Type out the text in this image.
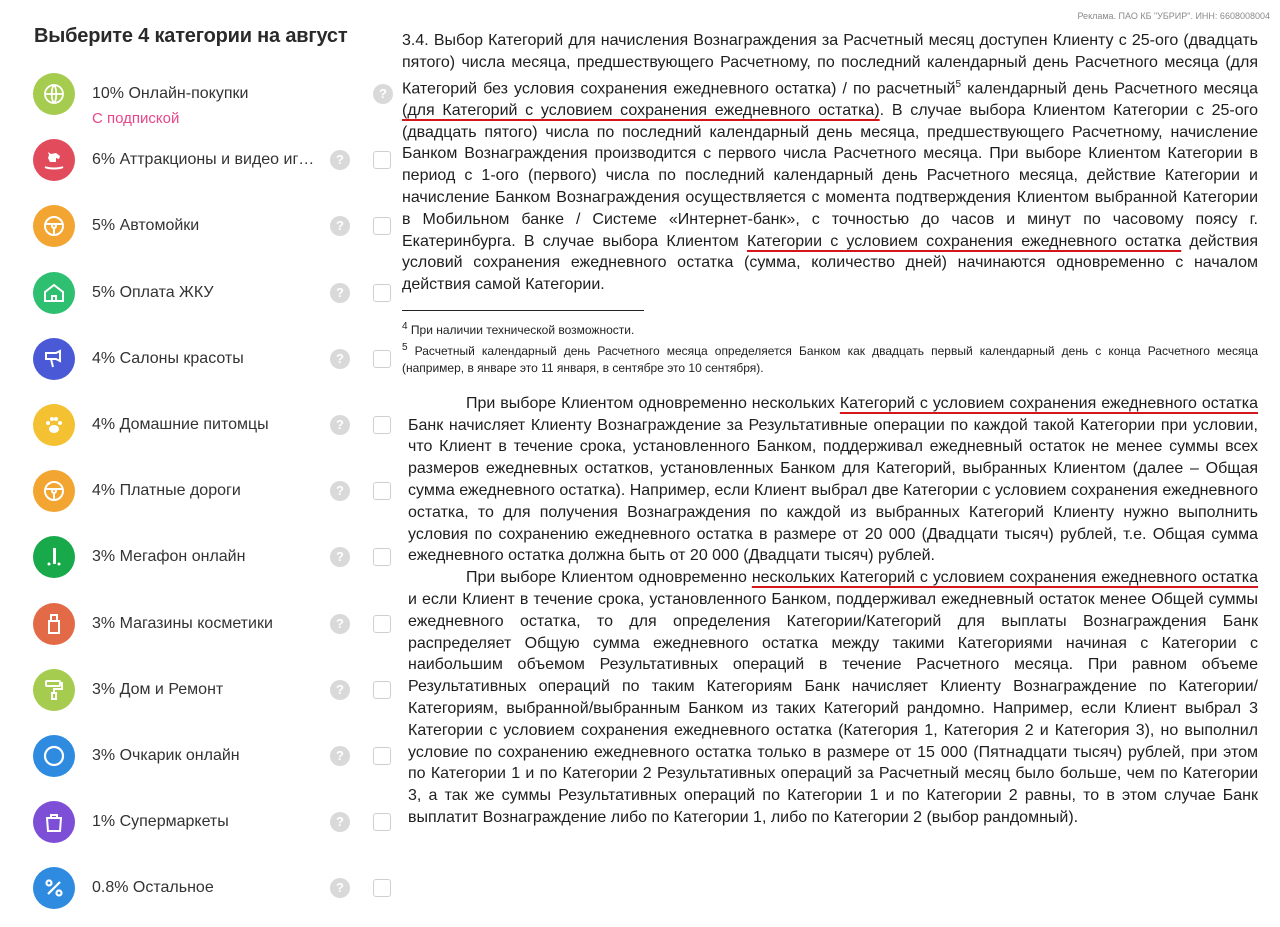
Реклама. ПАО КБ "УБРИР". ИНН: 6608008004
Выберите 4 категории на август
10% Онлайн-покупки
С подпиской
?
6% Аттракционы и видео иг…	?
5% Автомойки	?
5% Оплата ЖКУ	?
4% Салоны красоты	?
4% Домашние питомцы	?
4% Платные дороги	?
3% Мегафон онлайн	?
3% Магазины косметики	?
3% Дом и Ремонт	?
3% Очкарик онлайн	?
1% Супермаркеты	?
0.8% Остальное	?

3.4. Выбор Категорий для начисления Вознаграждения за Расчетный месяц доступен Клиенту с 25-ого (двадцать пятого) числа месяца, предшествующего Расчетному, по последний календарный день Расчетного месяца (для Категорий без условия сохранения ежедневного остатка) / по расчетный$^5$ календарный день Расчетного месяца (для Категорий с условием сохранения ежедневного остатка). В случае выбора Клиентом Категории с 25-ого (двадцать пятого) числа по последний календарный день месяца, предшествующего Расчетному, начисление Банком Вознаграждения производится с первого числа Расчетного месяца. При выборе Клиентом Категории в период с 1-ого (первого) числа по последний календарный день Расчетного месяца, действие Категории и начисление Банком Вознаграждения осуществляется с момента подтверждения Клиентом выбранной Категории в Мобильном банке / Системе «Интернет-банк», с точностью до часов и минут по часовому поясу г. Екатеринбурга. В случае выбора Клиентом Категории с условием сохранения ежедневного остатка действия условий сохранения ежедневного остатка (сумма, количество дней) начинаются одновременно с началом действия самой Категории.

$^4$ При наличии технической возможности.

$^5$ Расчетный календарный день Расчетного месяца определяется Банком как двадцать первый календарный день с конца Расчетного месяца (например, в январе это 11 января, в сентябре это 10 сентября).

При выборе Клиентом одновременно нескольких Категорий с условием сохранения ежедневного остатка Банк начисляет Клиенту Вознаграждение за Результативные операции по каждой такой Категории при условии, что Клиент в течение срока, установленного Банком, поддерживал ежедневный остаток не менее суммы всех размеров ежедневных остатков, установленных Банком для Категорий, выбранных Клиентом (далее – Общая сумма ежедневного остатка). Например, если Клиент выбрал две Категории с условием сохранения ежедневного остатка, то для получения Вознаграждения по каждой из выбранных Категорий Клиенту нужно выполнить условия по сохранению ежедневного остатка в размере от 20 000 (Двадцати тысяч) рублей, т.е. Общая сумма ежедневного остатка должна быть от 20 000 (Двадцати тысяч) рублей.

При выборе Клиентом одновременно нескольких Категорий с условием сохранения ежедневного остатка и если Клиент в течение срока, установленного Банком, поддерживал ежедневный остаток менее Общей суммы ежедневного остатка, то для определения Категории/Категорий для выплаты Вознаграждения Банк распределяет Общую сумма ежедневного остатка между такими Категориями начиная с Категории с наибольшим объемом Результативных операций в течение Расчетного месяца. При равном объеме Результативных операций по таким Категориям Банк начисляет Клиенту Вознаграждение по Категории/Категориям, выбранной/выбранным Банком из таких Категорий рандомно. Например, если Клиент выбрал 3 Категории с условием сохранения ежедневного остатка (Категория 1, Категория 2 и Категория 3), но выполнил условие по сохранению ежедневного остатка только в размере от 15 000 (Пятнадцати тысяч) рублей, при этом по Категории 1 и по Категории 2 Результативных операций за Расчетный месяц было больше, чем по Категории 3, а так же суммы Результативных операций по Категории 1 и по Категории 2 равны, то в этом случае Банк выплатит Вознаграждение либо по Категории 1, либо по Категории 2 (выбор рандомный).
